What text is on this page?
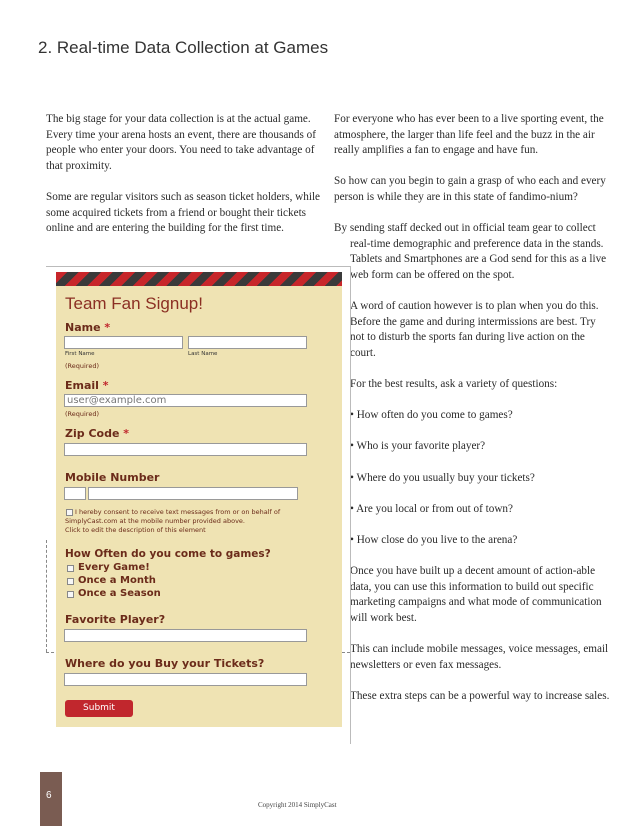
2. Real-time Data Collection at Games

The big stage for your data collection is at the actual game. Every time your arena hosts an event, there are thousands of people who enter your doors. You need to take advantage of that proximity.

Some are regular visitors such as season ticket holders, while some acquired tickets from a friend or bought their tickets online and are entering the building for the first time.

For everyone who has ever been to a live sporting event, the atmosphere, the larger than life feel and the buzz in the air really amplifies a fan to engage and have fun.

So how can you begin to gain a grasp of who each and every person is while they are in this state of fandimo-nium?

By sending staff decked out in official team gear to collect real-time demographic and preference data in the stands. Tablets and Smartphones are a God send for this as a live web form can be offered on the spot.

A word of caution however is to plan when you do this. Before the game and during intermissions are best. Try not to disturb the sports fan during live action on the court.

For the best results, ask a variety of questions:

• How often do you come to games?

• Who is your favorite player?

• Where do you usually buy your tickets?

• Are you local or from out of town?

• How close do you live to the arena?

Once you have built up a decent amount of action-able data, you can use this information to build out specific marketing campaigns and what mode of communication will work best.

This can include mobile messages, voice messages, email newsletters or even fax messages.

These extra steps can be a powerful way to increase sales.

Team Fan Signup!
Name *
First Name	Last Name
(Required)
Email *
user@example.com
(Required)
Zip Code *
Mobile Number
I hereby consent to receive text messages from or on behalf of SimplyCast.com at the mobile number provided above.
Click to edit the description of this element
How Often do you come to games?
Every Game!
Once a Month
Once a Season
Favorite Player?
Where do you Buy your Tickets?
Submit
6
Copyright 2014 SimplyCast
